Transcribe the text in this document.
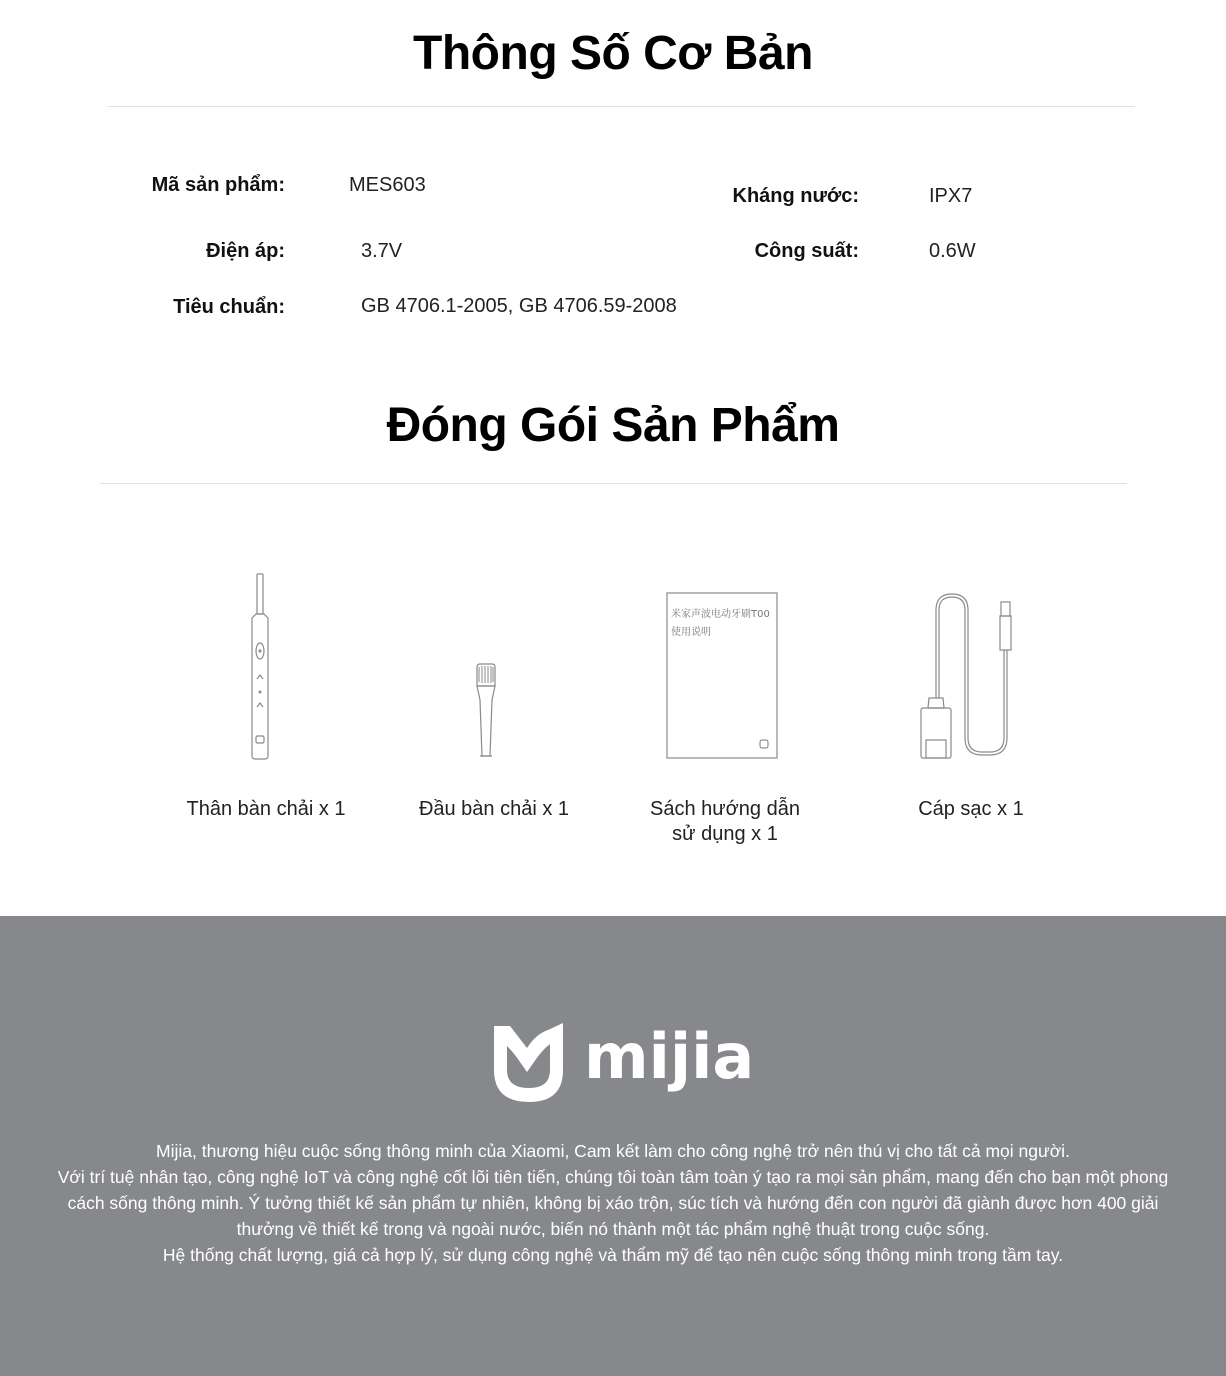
Thông Số Cơ Bản
Mã sản phẩm:	MES603	Kháng nước:	IPX7
Điện áp:	3.7V	Công suất:	0.6W
Tiêu chuẩn:	GB 4706.1-2005, GB 4706.59-2008
Đóng Gói Sản Phẩm
Thân bàn chải x 1	Đầu bàn chải x 1
米家声波电动牙刷T00
使用说明
Sách hướng dẫn
sử dụng x 1
Cáp sạc x 1
mijia

Mijia, thương hiệu cuộc sống thông minh của Xiaomi, Cam kết làm cho công nghệ trở nên thú vị cho tất cả mọi người.

Với trí tuệ nhân tạo, công nghệ IoT và công nghệ cốt lõi tiên tiến, chúng tôi toàn tâm toàn ý tạo ra mọi sản phẩm, mang đến cho bạn một phong cách sống thông minh. Ý tưởng thiết kế sản phẩm tự nhiên, không bị xáo trộn, súc tích và hướng đến con người đã giành được hơn 400 giải thưởng về thiết kế trong và ngoài nước, biến nó thành một tác phẩm nghệ thuật trong cuộc sống.

Hệ thống chất lượng, giá cả hợp lý, sử dụng công nghệ và thẩm mỹ để tạo nên cuộc sống thông minh trong tầm tay.
